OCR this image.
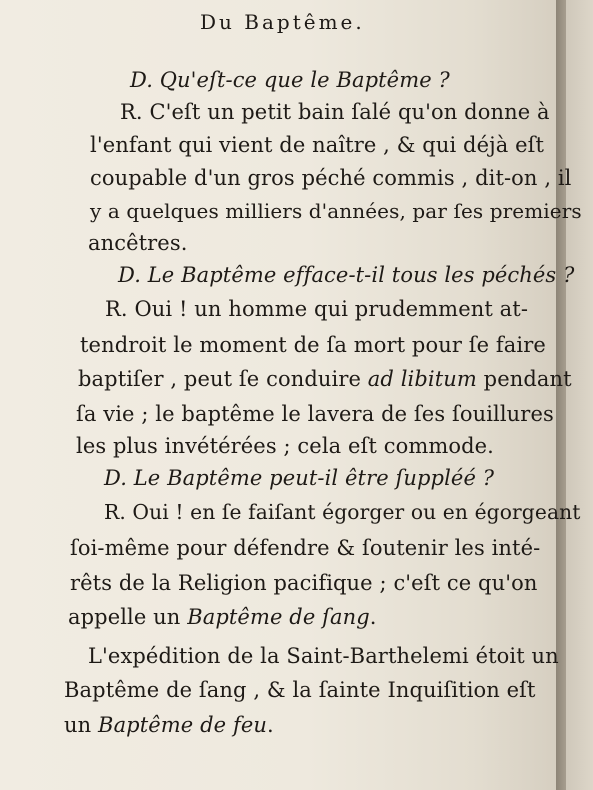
Du Baptême.
D. Qu'eſt-ce que le Baptême ?
R. C'eſt un petit bain ſalé qu'on donne à
l'enfant qui vient de naître , & qui déjà eſt
coupable d'un gros péché commis , dit-on , il
y a quelques milliers d'années, par ſes premiers
ancêtres.
D. Le Baptême efface-t-il tous les péchés ?
R. Oui ! un homme qui prudemment at-
tendroit le moment de ſa mort pour ſe faire
baptiſer , peut ſe conduire ad libitum pendant
ſa vie ; le baptême le lavera de ſes ſouillures
les plus invétérées ; cela eſt commode.
D. Le Baptême peut-il être ſuppléé ?
R. Oui ! en ſe faiſant égorger ou en égorgeant
ſoi-même pour défendre & ſoutenir les inté-
rêts de la Religion pacifique ; c'eſt ce qu'on
appelle un Baptême de ſang.
L'expédition de la Saint-Barthelemi étoit un
Baptême de ſang , & la ſainte Inquiſition eſt
un Baptême de feu.
